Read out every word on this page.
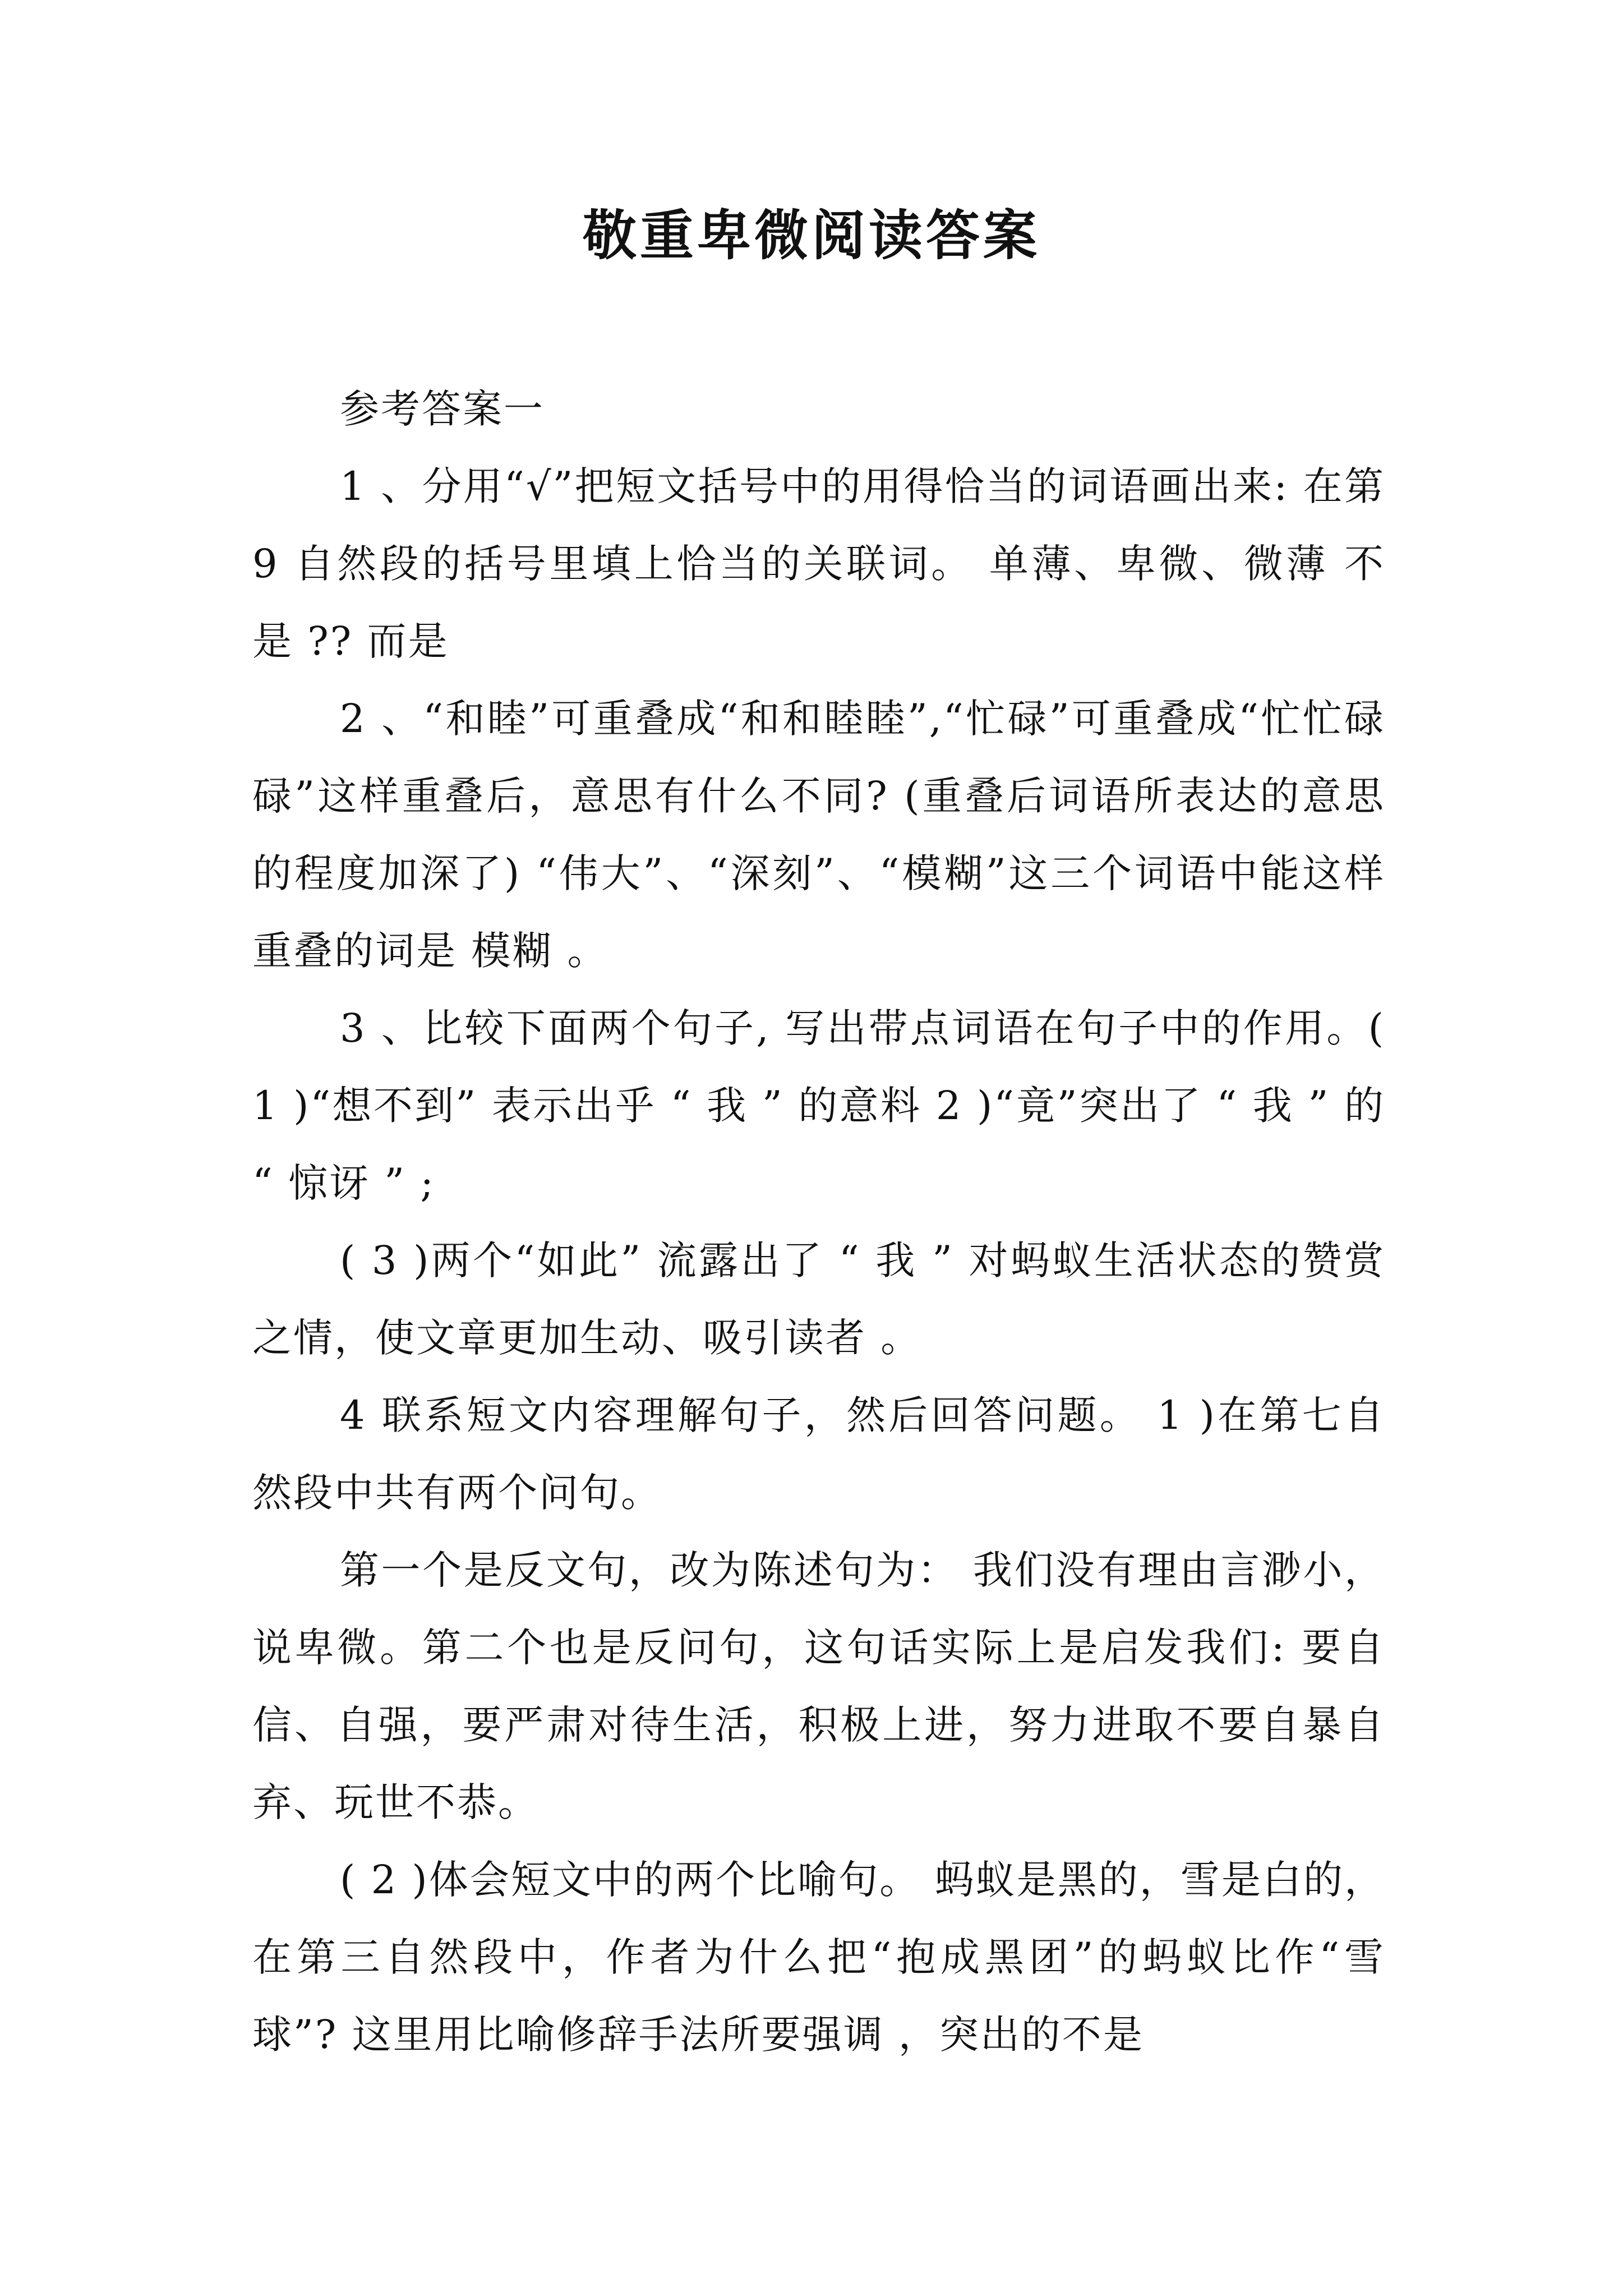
敬重卑微阅读答案

参考答案一

1 、分用“√”把短文括号中的用得恰当的词语画出来: 在第 9 自然段的括号里填上恰当的关联词。 单薄、卑微、微薄 不是 ?? 而是

2 、“和睦”可重叠成“和和睦睦”,“忙碌”可重叠成“忙忙碌碌”这样重叠后，意思有什么不同? (重叠后词语所表达的意思的程度加深了) “伟大”、“深刻”、“模糊”这三个词语中能这样重叠的词是 模糊 。

3 、比较下面两个句子, 写出带点词语在句子中的作用。( 1 )“想不到” 表示出乎 “ 我 ” 的意料 2 )“竟”突出了 “ 我 ” 的 “ 惊讶 ” ;

( 3 )两个“如此” 流露出了 “ 我 ” 对蚂蚁生活状态的赞赏之情，使文章更加生动、吸引读者 。

4 联系短文内容理解句子，然后回答问题。 1 )在第七自然段中共有两个问句。

第一个是反文句，改为陈述句为： 我们没有理由言渺小，说卑微。第二个也是反问句，这句话实际上是启发我们: 要自信、自强，要严肃对待生活，积极上进，努力进取不要自暴自弃、玩世不恭。

( 2 )体会短文中的两个比喻句。 蚂蚁是黑的，雪是白的，在第三自然段中，作者为什么把“抱成黑团”的蚂蚁比作“雪球”? 这里用比喻修辞手法所要强调 ，突出的不是
